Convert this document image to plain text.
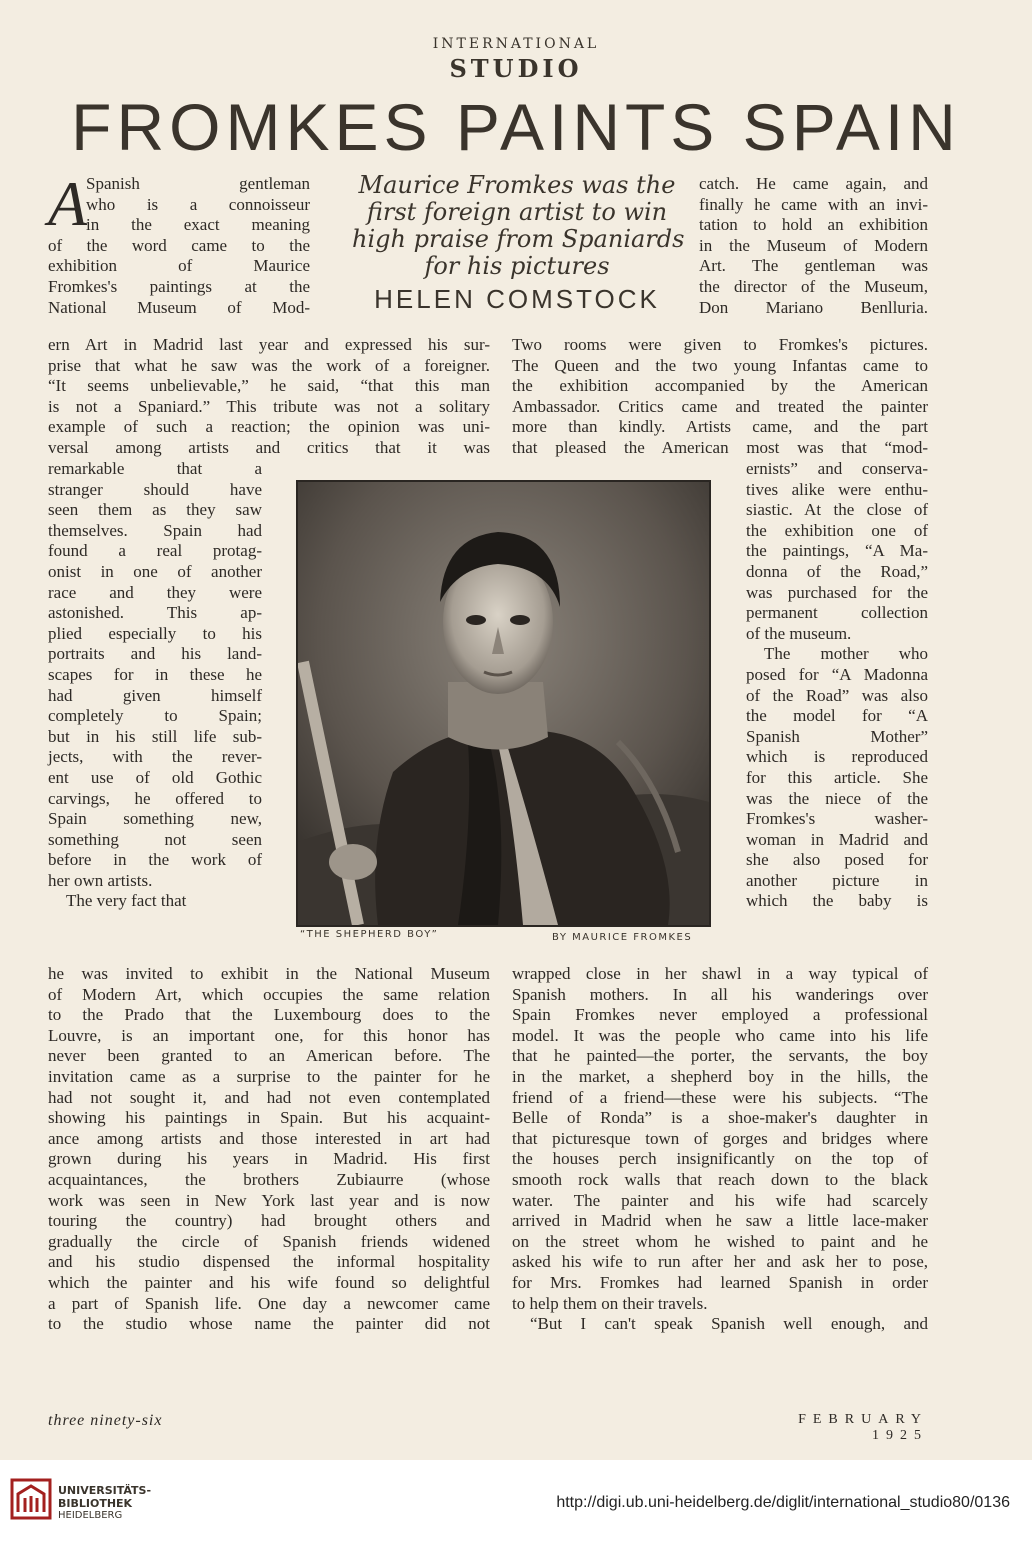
INTERNATIONAL
STUDIO
FROMKES PAINTS SPAIN
Maurice Fromkes was the
first foreign artist to win
high praise from Spaniards
for his pictures
HELEN COMSTOCK
A
Spanish gentleman
who is a connoisseur
in the exact meaning
of the word came to the
exhibition of Maurice
Fromkes's paintings at the
National Museum of Mod-
catch. He came again, and
finally he came with an invi-
tation to hold an exhibition
in the Museum of Modern
Art. The gentleman was
the director of the Museum,
Don Mariano Benlluria.
ern Art in Madrid last year and expressed his sur-
prise that what he saw was the work of a foreigner.
“It seems unbelievable,” he said, “that this man
is not a Spaniard.” This tribute was not a solitary
example of such a reaction; the opinion was uni-
versal among artists and critics that it was
Two rooms were given to Fromkes's pictures.
The Queen and the two young Infantas came to
the exhibition accompanied by the American
Ambassador. Critics came and treated the painter
more than kindly. Artists came, and the part
that pleased the American most was that “mod-
remarkable that a
stranger should have
seen them as they saw
themselves. Spain had
found a real protag-
onist in one of another
race and they were
astonished. This ap-
plied especially to his
portraits and his land-
scapes for in these he
had given himself
completely to Spain;
but in his still life sub-
jects, with the rever-
ent use of old Gothic
carvings, he offered to
Spain something new,
something not seen
before in the work of
her own artists.
The very fact that
ernists” and conserva-
tives alike were enthu-
siastic. At the close of
the exhibition one of
the paintings, “A Ma-
donna of the Road,”
was purchased for the
permanent collection
of the museum.
The mother who
posed for “A Madonna
of the Road” was also
the model for “A
Spanish Mother”
which is reproduced
for this article. She
was the niece of the
Fromkes's washer-
woman in Madrid and
she also posed for
another picture in
which the baby is
“THE SHEPHERD BOY”	BY MAURICE FROMKES
he was invited to exhibit in the National Museum
of Modern Art, which occupies the same relation
to the Prado that the Luxembourg does to the
Louvre, is an important one, for this honor has
never been granted to an American before. The
invitation came as a surprise to the painter for he
had not sought it, and had not even contemplated
showing his paintings in Spain. But his acquaint-
ance among artists and those interested in art had
grown during his years in Madrid. His first
acquaintances, the brothers Zubiaurre (whose
work was seen in New York last year and is now
touring the country) had brought others and
gradually the circle of Spanish friends widened
and his studio dispensed the informal hospitality
which the painter and his wife found so delightful
a part of Spanish life. One day a newcomer came
to the studio whose name the painter did not
wrapped close in her shawl in a way typical of
Spanish mothers. In all his wanderings over
Spain Fromkes never employed a professional
model. It was the people who came into his life
that he painted—the porter, the servants, the boy
in the market, a shepherd boy in the hills, the
friend of a friend—these were his subjects. “The
Belle of Ronda” is a shoe-maker's daughter in
that picturesque town of gorges and bridges where
the houses perch insignificantly on the top of
smooth rock walls that reach down to the black
water. The painter and his wife had scarcely
arrived in Madrid when he saw a little lace-maker
on the street whom he wished to paint and he
asked his wife to run after her and ask her to pose,
for Mrs. Fromkes had learned Spanish in order
to help them on their travels.
“But I can't speak Spanish well enough, and
three ninety-six	FEBRUARY 1925
UNIVERSITÄTS-
BIBLIOTHEK
HEIDELBERG
http://digi.ub.uni-heidelberg.de/diglit/international_studio80/0136
